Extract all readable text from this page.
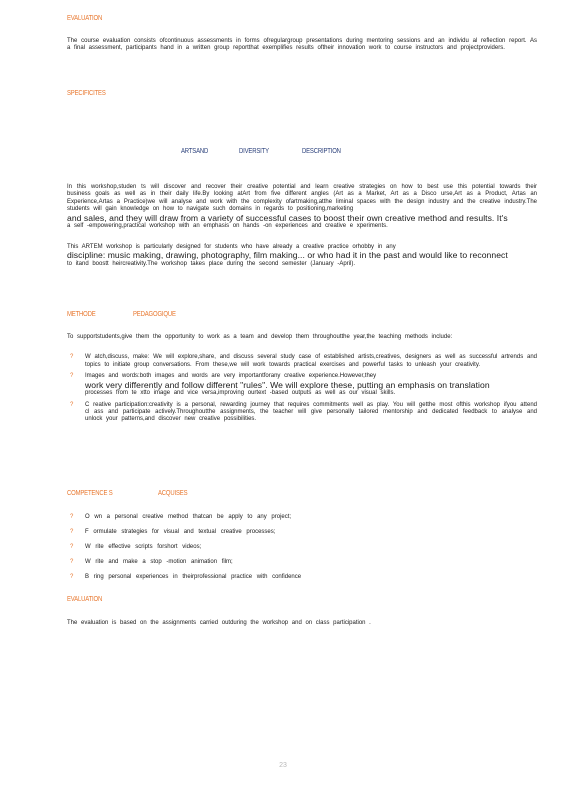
EVALUATION

The course evaluation consists ofcontinuous assessments in forms ofregulargroup presentations during mentoring sessions and an individu al reflection report. As a final assessment, participants hand in a written group reportthat exemplifies results oftheir innovation work to course instructors and projectproviders.

SPECIFICITES
ARTSAND	DIVERSITY	DESCRIPTION

In this workshop,studen ts will discover and recover their creative potential and learn creative strategies on how to best use this potential towards their business goals as well as in their daily life.By looking atArt from five different angles (Art as a Market, Art as a Disco urse,Art as a Product, Artas an Experience,Artas a Practice)we will analyse and work with the complexity ofartmaking,atthe liminal spaces with the design industry and the creative industry.The students will gain knowledge on how to navigate such domains in regards to positioning,marketing
and sales, and they will draw from a variety of successful cases to boost their own creative method and results. It's
a self -empowering,practical workshop with an emphasis on hands -on experiences and creative e xperiments.

This ARTEM workshop is particularly designed for students who have already a creative practice orhobby in any
discipline: music making, drawing, photography, film making... or who had it in the past and would like to reconnect
to itand boostt heircreativity.The workshop takes place during the second semester (January -April).

METHODE	PEDAGOGIQUE

To supportstudents,give them the opportunity to work as a team and develop them throughoutthe year,the teaching methods include:

? W atch,discuss, make: We will explore,share, and discuss several study case of established artists,creatives, designers as well as successful artrends and topics to initiate group conversations. From these,we will work towards practical exercises and powerful tasks to unleash your creativity.

? Images and words:both images and words are very importantforany creative experience.However,they
work very differently and follow different "rules". We will explore these, putting an emphasis on translation
processes from te xtto image and vice versa,improving ourtext -based outputs as well as our visual skills.

? C reative participation:creativity is a personal, rewarding journey that requires commitments well as play. You will getthe most ofthis workshop ifyou attend cl ass and participate actively.Throughoutthe assignments, the teacher will give personally tailored mentorship and dedicated feedback to analyse and unlock your patterns,and discover new creative possibilities.

COMPETENCE S	ACQUISES
? O wn a personal creative method thatcan be apply to any project;
? F ormulate strategies for visual and textual creative processes;
? W rite effective scripts forshort videos;
? W rite and make a stop -motion animation film;
? B ring personal experiences in theirprofessional practice with confidence
EVALUATION

The evaluation is based on the assignments carried outduring the workshop and on class participation .

23
